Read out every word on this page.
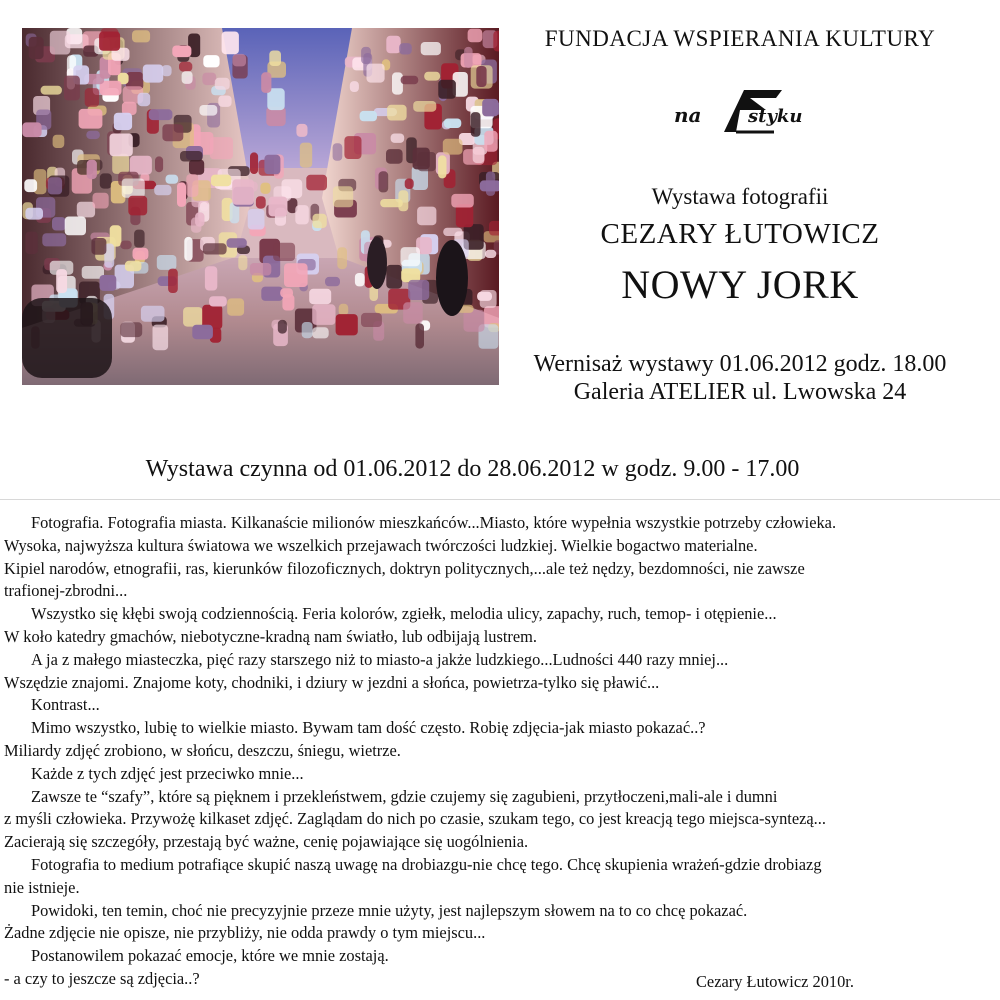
FUNDACJA WSPIERANIA KULTURY
na	styku
Wystawa fotografii
CEZARY ŁUTOWICZ
NOWY JORK
Wernisaż wystawy 01.06.2012 godz. 18.00
Galeria ATELIER ul. Lwowska 24
Wystawa czynna od 01.06.2012 do 28.06.2012 w godz. 9.00 - 17.00
Fotografia. Fotografia miasta. Kilkanaście milionów mieszkańców...Miasto, które wypełnia wszystkie potrzeby człowieka.
Wysoka, najwyższa kultura światowa we wszelkich przejawach twórczości ludzkiej. Wielkie bogactwo materialne.
Kipiel narodów, etnografii, ras, kierunków filozoficznych, doktryn politycznych,...ale też nędzy, bezdomności, nie zawsze
trafionej-zbrodni...
Wszystko się kłębi swoją codziennością. Feria kolorów, zgiełk, melodia ulicy, zapachy, ruch, temop- i otępienie...
W koło katedry gmachów, niebotyczne-kradną nam światło, lub odbijają lustrem.
A ja z małego miasteczka, pięć razy starszego niż to miasto-a jakże ludzkiego...Ludności 440 razy mniej...
Wszędzie znajomi. Znajome koty, chodniki, i dziury w jezdni a słońca, powietrza-tylko się pławić...
Kontrast...
Mimo wszystko, lubię to wielkie miasto. Bywam tam dość często. Robię zdjęcia-jak miasto pokazać..?
Miliardy zdjęć zrobiono, w słońcu, deszczu, śniegu, wietrze.
Każde z tych zdjęć jest przeciwko mnie...
Zawsze te “szafy”, które są pięknem i przekleństwem, gdzie czujemy się zagubieni, przytłoczeni,mali-ale i dumni
z myśli człowieka. Przywożę kilkaset zdjęć. Zaglądam do nich po czasie, szukam tego, co jest kreacją tego miejsca-syntezą...
Zacierają się szczegóły, przestają być ważne, cenię pojawiające się uogólnienia.
Fotografia to medium potrafiące skupić naszą uwagę na drobiazgu-nie chcę tego. Chcę skupienia wrażeń-gdzie drobiazg
nie istnieje.
Powidoki, ten temin, choć nie precyzyjnie przeze mnie użyty, jest najlepszym słowem na to co chcę pokazać.
Żadne zdjęcie nie opisze, nie przybliży, nie odda prawdy o tym miejscu...
Postanowilem pokazać emocje, które we mnie zostają.
- a czy to jeszcze są zdjęcia..?	Cezary Łutowicz 2010r.
